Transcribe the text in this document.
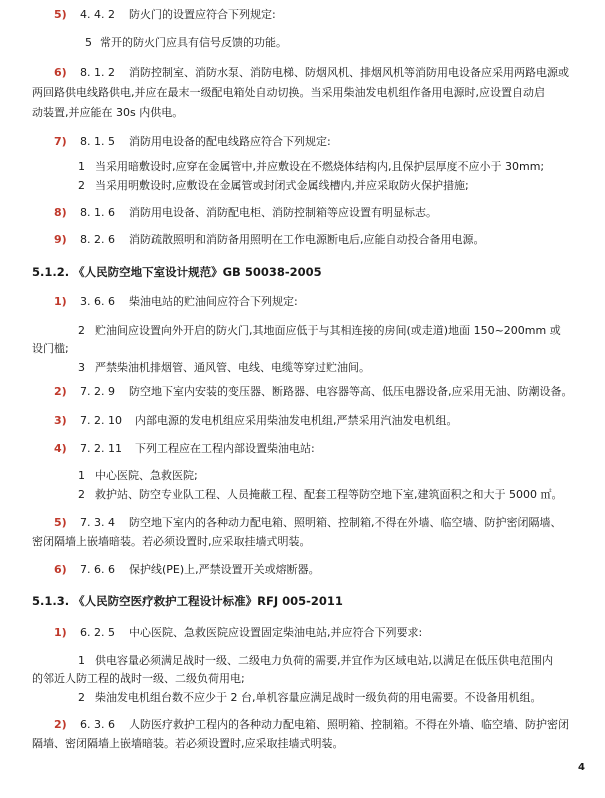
5) 4. 4. 2 防火门的设置应符合下列规定:
5 常开的防火门应具有信号反馈的功能。
6) 8. 1. 2 消防控制室、消防水泵、消防电梯、防烟风机、排烟风机等消防用电设备应采用两路电源或
两回路供电线路供电,并应在最末一级配电箱处自动切换。当采用柴油发电机组作备用电源时,应设置自动启
动装置,并应能在 30s 内供电。
7) 8. 1. 5 消防用电设备的配电线路应符合下列规定:
1 当采用暗敷设时,应穿在金属管中,并应敷设在不燃烧体结构内,且保护层厚度不应小于 30mm;
2 当采用明敷设时,应敷设在金属管或封闭式金属线槽内,并应采取防火保护措施;
8) 8. 1. 6 消防用电设备、消防配电柜、消防控制箱等应设置有明显标志。
9) 8. 2. 6 消防疏散照明和消防备用照明在工作电源断电后,应能自动投合备用电源。
5.1.2. 《人民防空地下室设计规范》GB 50038-2005
1) 3. 6. 6 柴油电站的贮油间应符合下列规定:
2 贮油间应设置向外开启的防火门,其地面应低于与其相连接的房间(或走道)地面 150~200mm 或
设门槛;
3 严禁柴油机排烟管、通风管、电线、电缆等穿过贮油间。
2) 7. 2. 9 防空地下室内安装的变压器、断路器、电容器等高、低压电器设备,应采用无油、防潮设备。
3) 7. 2. 10 内部电源的发电机组应采用柴油发电机组,严禁采用汽油发电机组。
4) 7. 2. 11 下列工程应在工程内部设置柴油电站:
1 中心医院、急救医院;
2 救护站、防空专业队工程、人员掩蔽工程、配套工程等防空地下室,建筑面积之和大于 5000 ㎡。
5) 7. 3. 4 防空地下室内的各种动力配电箱、照明箱、控制箱,不得在外墙、临空墙、防护密闭隔墙、
密闭隔墙上嵌墙暗装。若必须设置时,应采取挂墙式明装。
6) 7. 6. 6 保护线(PE)上,严禁设置开关或熔断器。
5.1.3. 《人民防空医疗救护工程设计标准》RFJ 005-2011
1) 6. 2. 5 中心医院、急救医院应设置固定柴油电站,并应符合下列要求:
1 供电容量必须满足战时一级、二级电力负荷的需要,并宜作为区域电站,以满足在低压供电范围内
的邻近人防工程的战时一级、二级负荷用电;
2 柴油发电机组台数不应少于 2 台,单机容量应满足战时一级负荷的用电需要。不设备用机组。
2) 6. 3. 6 人防医疗救护工程内的各种动力配电箱、照明箱、控制箱。不得在外墙、临空墙、防护密闭
隔墙、密闭隔墙上嵌墙暗装。若必须设置时,应采取挂墙式明装。
4
